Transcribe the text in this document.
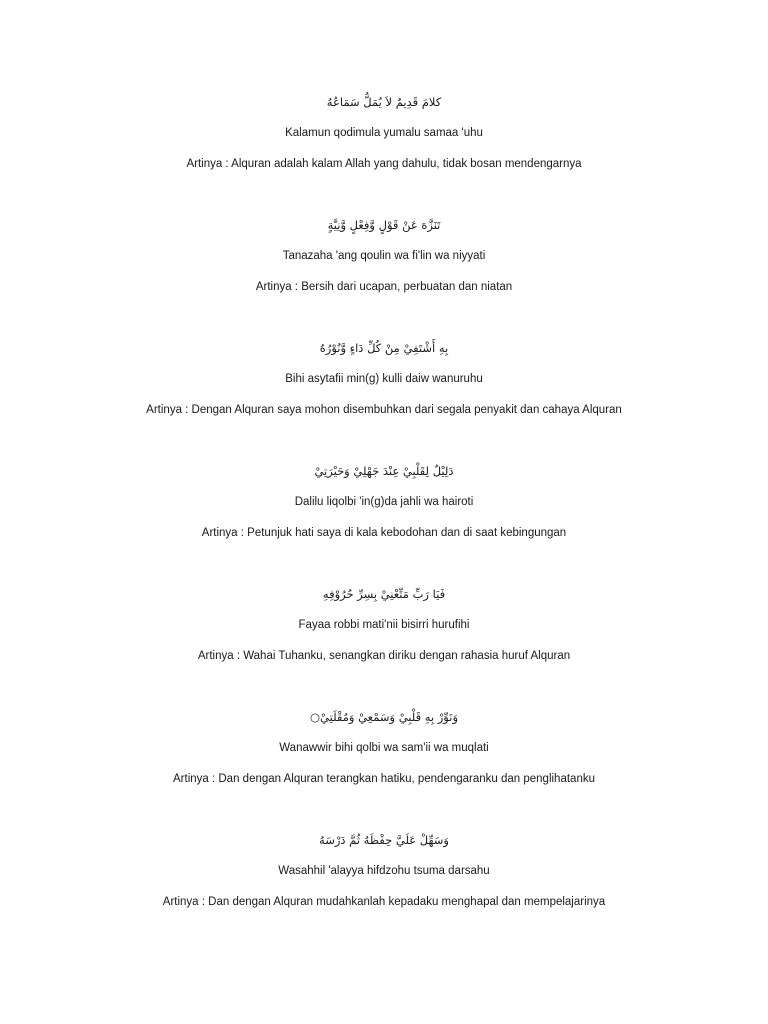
كلامَ قَدِيمٌ لاَ يُمَلُّ سَمَاعُهُ
Kalamun qodimula yumalu samaa 'uhu
Artinya : Alquran adalah kalam Allah yang dahulu, tidak bosan mendengarnya
تَنَزَّهَ عَنْ قَوْلٍ وَّفِعْلٍ وَّنِيَّةٍ
Tanazaha 'ang qoulin wa fi'lin wa niyyati
Artinya : Bersih dari ucapan, perbuatan dan niatan
بِهِ أَشْتَفِيْ مِنْ كُلِّ دَاءٍ وَّنُوْرُهُ
Bihi asytafii min(g) kulli daiw wanuruhu
Artinya : Dengan Alquran saya mohon disembuhkan dari segala penyakit dan cahaya Alquran
دَلِيْلٌ لِقَلْبِيْ عِنْدَ جَهْلِيْ وَحَيْرَتِيْ
Dalilu liqolbi 'in(g)da jahli wa hairoti
Artinya : Petunjuk hati saya di kala kebodohan dan di saat kebingungan
فَيَا رَبِّ مَتِّعْنِيْ بِسِرِّ حُرُوْفِهِ
Fayaa robbi mati'nii bisirri hurufihi
Artinya : Wahai Tuhanku, senangkan diriku dengan rahasia huruf Alquran
وَنَوِّرْ بِهِ قَلْبِيْ وَسَمْعِيْ وَمُقْلَتِيْ○
Wanawwir bihi qolbi wa sam'ii wa muqlati
Artinya : Dan dengan Alquran terangkan hatiku, pendengaranku dan penglihatanku
وَسَهِّلْ عَلَيَّ حِفْظَهُ ثُمَّ دَرْسَهُ
Wasahhil 'alayya hifdzohu tsuma darsahu
Artinya : Dan dengan Alquran mudahkanlah kepadaku menghapal dan mempelajarinya
